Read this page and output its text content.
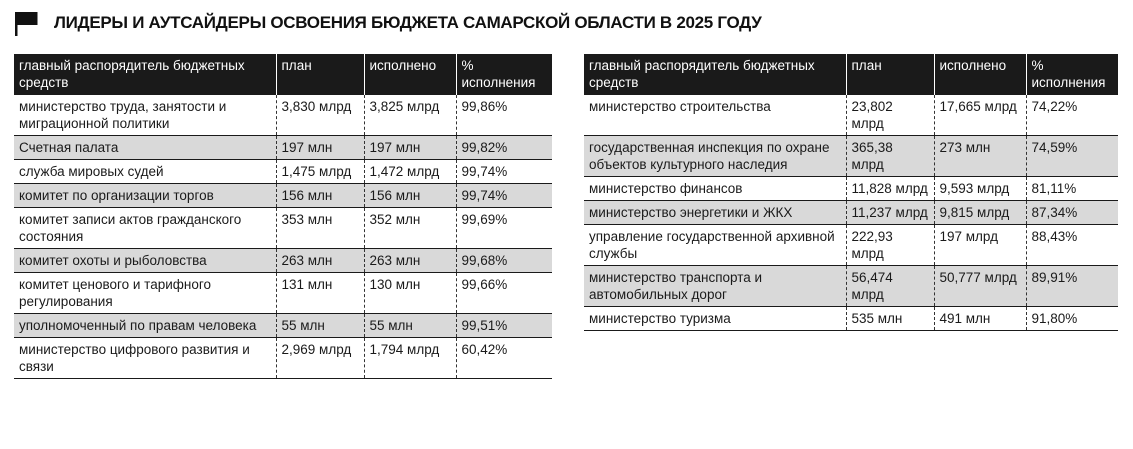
ЛИДЕРЫ И АУТСАЙДЕРЫ ОСВОЕНИЯ БЮДЖЕТА САМАРСКОЙ ОБЛАСТИ В 2025 ГОДУ
главный распорядитель бюджетных средств	план	исполнено	% исполнения
министерство труда, занятости и миграционной политики	3,830 млрд	3,825 млрд	99,86%
Счетная палата	197 млн	197 млн	99,82%
служба мировых судей	1,475 млрд	1,472 млрд	99,74%
комитет по организации торгов	156 млн	156 млн	99,74%
комитет записи актов гражданского состояния	353 млн	352 млн	99,69%
комитет охоты и рыболовства	263 млн	263 млн	99,68%
комитет ценового и тарифного регулирования	131 млн	130 млн	99,66%
уполномоченный по правам человека	55 млн	55 млн	99,51%
министерство цифрового развития и связи	2,969 млрд	1,794 млрд	60,42%
главный распорядитель бюджетных средств	план	исполнено	% исполнения
министерство строительства	23,802 млрд	17,665 млрд	74,22%
государственная инспекция по охране объектов культурного наследия	365,38 млрд	273 млн	74,59%
министерство финансов	11,828 млрд	9,593 млрд	81,11%
министерство энергетики и ЖКХ	11,237 млрд	9,815 млрд	87,34%
управление государственной архивной службы	222,93 млрд	197 млрд	88,43%
министерство транспорта и автомобильных дорог	56,474 млрд	50,777 млрд	89,91%
министерство туризма	535 млн	491 млн	91,80%
